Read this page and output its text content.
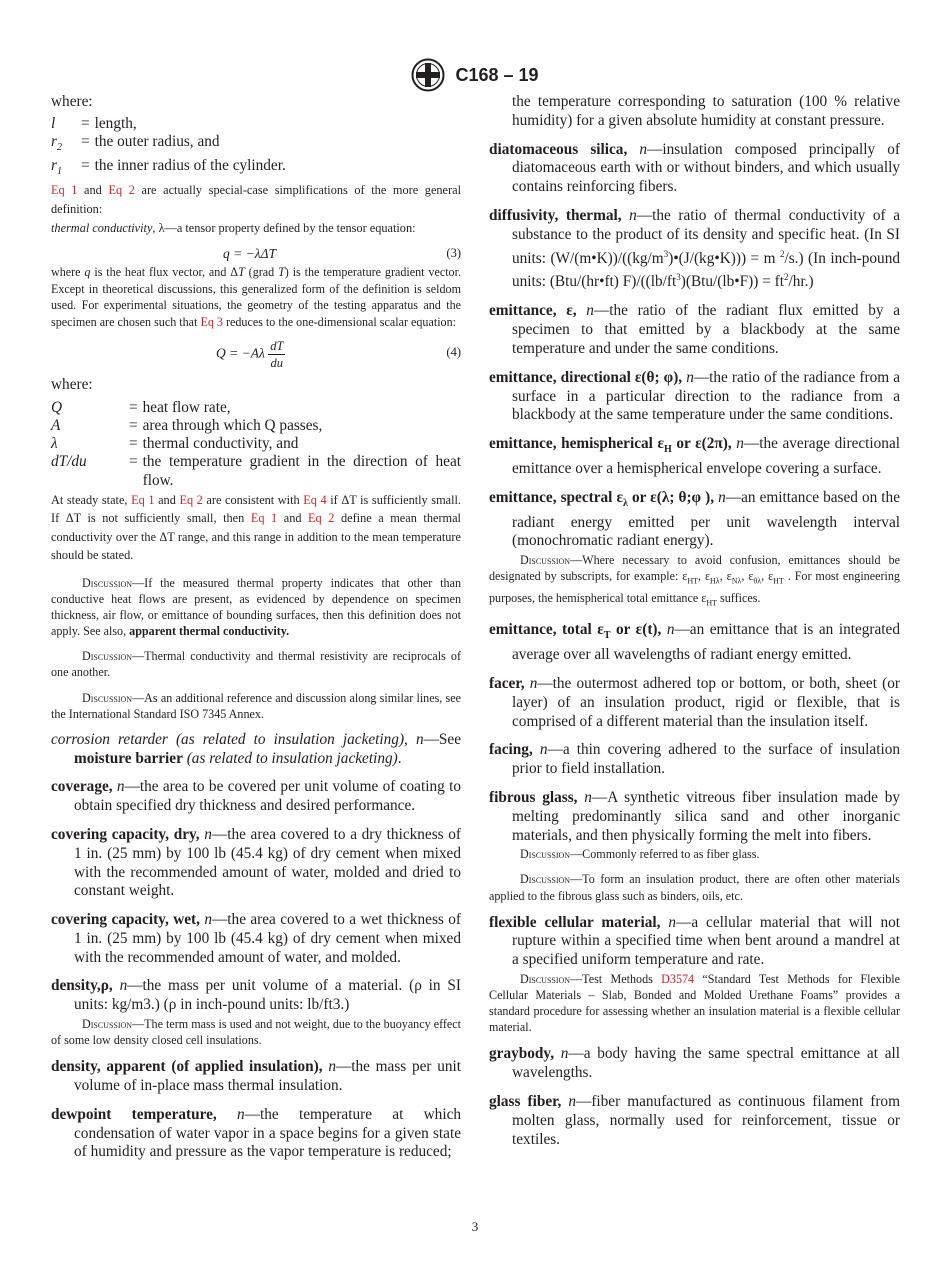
C168 – 19
where:
l	=	length,
$r_2$	=	the outer radius, and
$r_1$	=	the inner radius of the cylinder.
Eq 1 and Eq 2 are actually special-case simplifications of the more general definition:
thermal conductivity, λ—a tensor property defined by the tensor equation:
q = −λΔT	(3)
where q is the heat flux vector, and ΔT (grad T) is the temperature gradient vector. Except in theoretical discussions, this generalized form of the definition is seldom used. For experimental situations, the geometry of the testing apparatus and the specimen are chosen such that Eq 3 reduces to the one-dimensional scalar equation:
$Q = -A\lambda \frac{dT}{du}$	(4)
where:
Q	=	heat flow rate,
A	=	area through which Q passes,
λ	=	thermal conductivity, and
dT/du	=	the temperature gradient in the direction of heat flow.
At steady state, Eq 1 and Eq 2 are consistent with Eq 4 if ΔT is sufficiently small. If ΔT is not sufficiently small, then Eq 1 and Eq 2 define a mean thermal conductivity over the ΔT range, and this range in addition to the mean temperature should be stated.
Discussion—If the measured thermal property indicates that other than conductive heat flows are present, as evidenced by dependence on specimen thickness, air flow, or emittance of bounding surfaces, then this definition does not apply. See also, apparent thermal conductivity.
Discussion—Thermal conductivity and thermal resistivity are reciprocals of one another.
Discussion—As an additional reference and discussion along similar lines, see the International Standard ISO 7345 Annex.
corrosion retarder (as related to insulation jacketing), n—See moisture barrier (as related to insulation jacketing).
coverage, n—the area to be covered per unit volume of coating to obtain specified dry thickness and desired performance.
covering capacity, dry, n—the area covered to a dry thickness of 1 in. (25 mm) by 100 lb (45.4 kg) of dry cement when mixed with the recommended amount of water, molded and dried to constant weight.
covering capacity, wet, n—the area covered to a wet thickness of 1 in. (25 mm) by 100 lb (45.4 kg) of dry cement when mixed with the recommended amount of water, and molded.
density,ρ, n—the mass per unit volume of a material. (ρ in SI units: kg/m3.) (ρ in inch-pound units: lb/ft3.)
Discussion—The term mass is used and not weight, due to the buoyancy effect of some low density closed cell insulations.
density, apparent (of applied insulation), n—the mass per unit volume of in-place mass thermal insulation.
dewpoint temperature, n—the temperature at which condensation of water vapor in a space begins for a given state of humidity and pressure as the vapor temperature is reduced;
the temperature corresponding to saturation (100 % relative humidity) for a given absolute humidity at constant pressure.
diatomaceous silica, n—insulation composed principally of diatomaceous earth with or without binders, and which usually contains reinforcing fibers.
diffusivity, thermal, n—the ratio of thermal conductivity of a substance to the product of its density and specific heat. (In SI units: $(W/(m•K))/((kg/m^3)•(J/(kg•K))) = m$ $^2$/s.) (In inch-pound units: (Btu/(hr•ft) $F)/((lb/ft^3)(Btu/(lb•F)) = ft^2/hr.)$
emittance, ε, n—the ratio of the radiant flux emitted by a specimen to that emitted by a blackbody at the same temperature and under the same conditions.
emittance, directional ε(θ; φ), n—the ratio of the radiance from a surface in a particular direction to the radiance from a blackbody at the same temperature under the same conditions.
emittance, hemispherical $\varepsilon_H$ or ε(2π), n—the average directional emittance over a hemispherical envelope covering a surface.
emittance, spectral $\varepsilon_\lambda$ or ε(λ; θ;φ ), n—an emittance based on the radiant energy emitted per unit wavelength interval (monochromatic radiant energy).
Discussion—Where necessary to avoid confusion, emittances should be designated by subscripts, for example: $\varepsilon_{HT}$, $\varepsilon_{H\lambda}$, $\varepsilon_{N\lambda}$, $\varepsilon_{\theta\lambda}$, $\varepsilon_{HT}$ . For most engineering purposes, the hemispherical total emittance $\varepsilon_{HT}$ suffices.
emittance, total $\varepsilon_T$ or ε(t), n—an emittance that is an integrated average over all wavelengths of radiant energy emitted.
facer, n—the outermost adhered top or bottom, or both, sheet (or layer) of an insulation product, rigid or flexible, that is comprised of a different material than the insulation itself.
facing, n—a thin covering adhered to the surface of insulation prior to field installation.
fibrous glass, n—A synthetic vitreous fiber insulation made by melting predominantly silica sand and other inorganic materials, and then physically forming the melt into fibers.
Discussion—Commonly referred to as fiber glass.
Discussion—To form an insulation product, there are often other materials applied to the fibrous glass such as binders, oils, etc.
flexible cellular material, n—a cellular material that will not rupture within a specified time when bent around a mandrel at a specified uniform temperature and rate.
Discussion—Test Methods D3574 “Standard Test Methods for Flexible Cellular Materials – Slab, Bonded and Molded Urethane Foams” provides a standard procedure for assessing whether an insulation material is a flexible cellular material.
graybody, n—a body having the same spectral emittance at all wavelengths.
glass fiber, n—fiber manufactured as continuous filament from molten glass, normally used for reinforcement, tissue or textiles.
3
